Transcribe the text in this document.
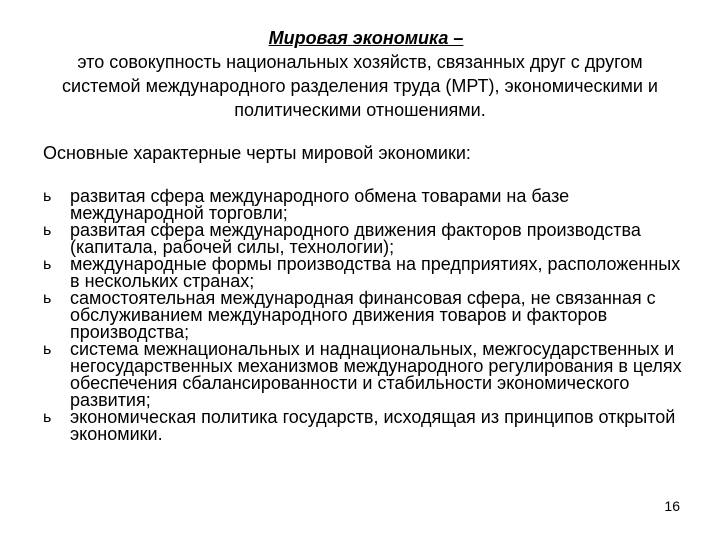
Мировая экономика –
это совокупность национальных хозяйств, связанных друг с другом системой международного разделения труда (МРТ), экономическими и политическими отношениями.
Основные характерные черты мировой экономики:
ь	развитая сфера международного обмена товарами на базе международной торговли;
ь	развитая сфера международного движения факторов производства (капитала, рабочей силы, технологии);
ь	международные формы производства на предприятиях, расположенных в нескольких странах;
ь	самостоятельная международная финансовая сфера, не связанная с обслуживанием международного движения товаров и факторов производства;
ь	система межнациональных и наднациональных, межгосударственных и негосударственных механизмов международного регулирования в целях обеспечения сбалансированности и стабильности экономического развития;
ь	экономическая политика государств, исходящая из принципов открытой экономики.
16
